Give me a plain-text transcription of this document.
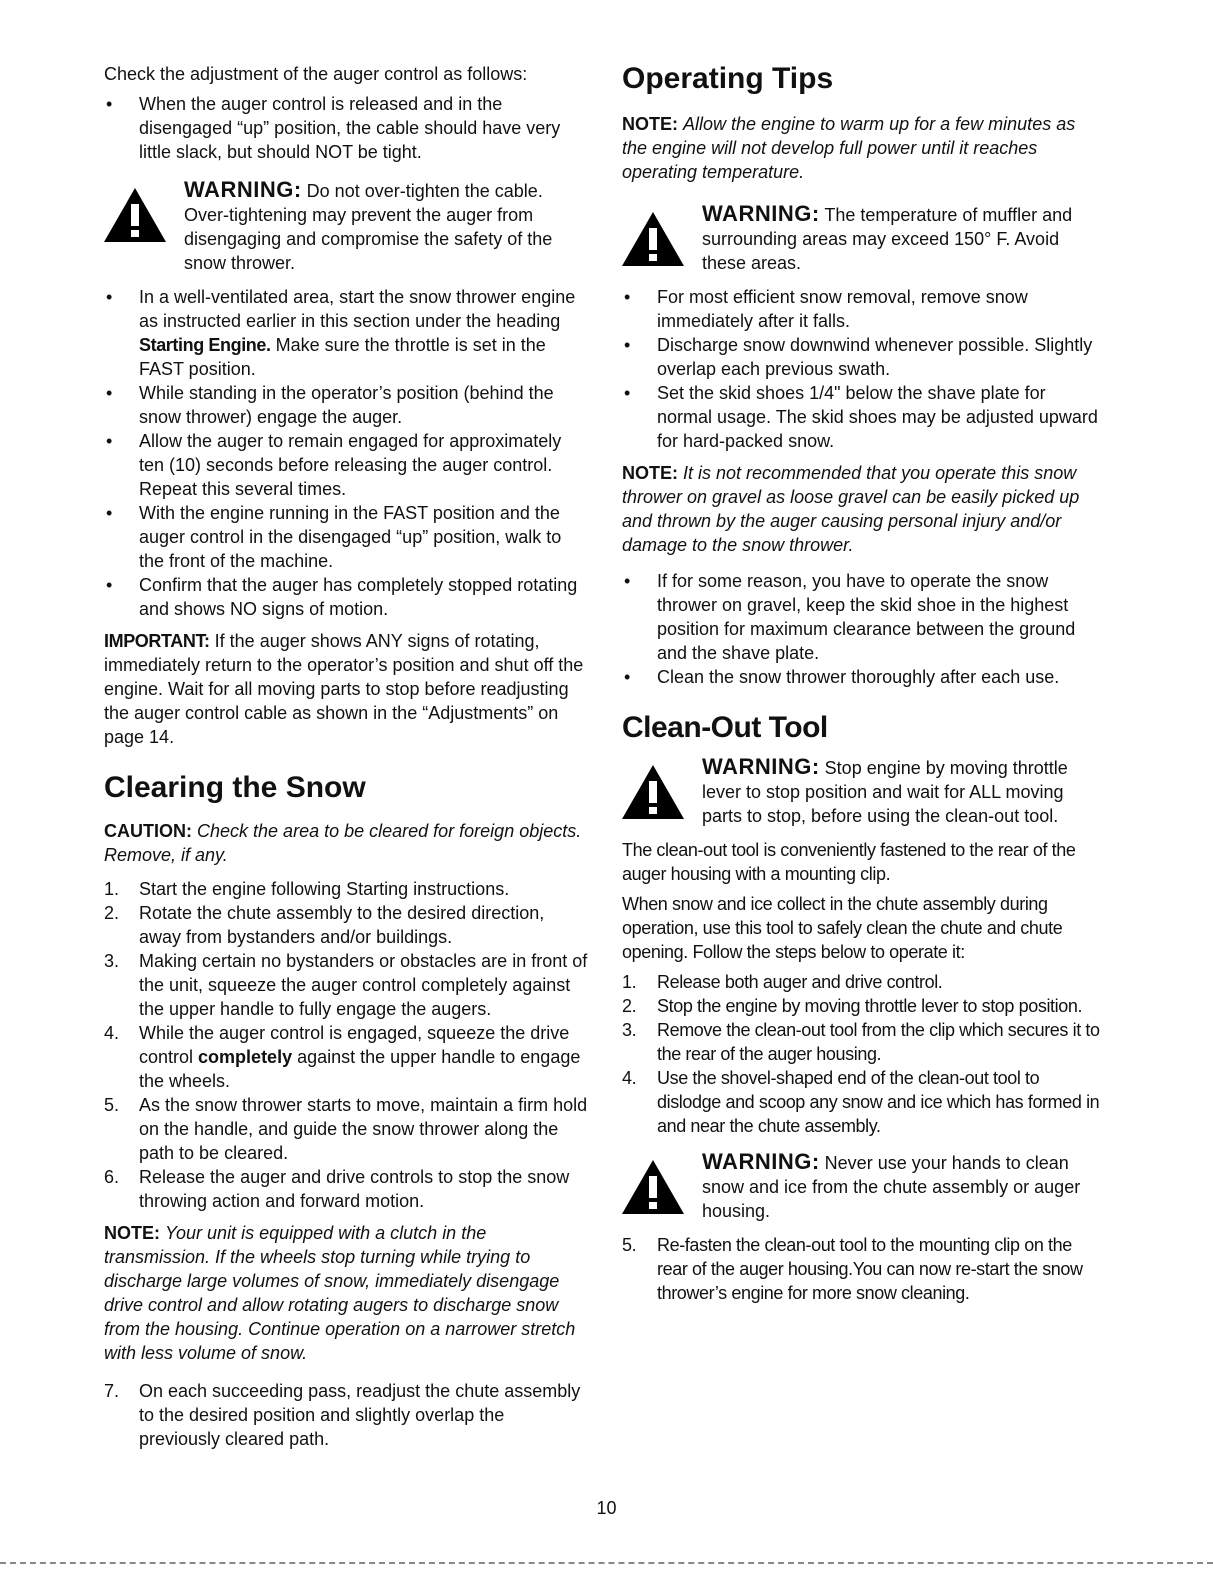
Check the adjustment of the auger control as follows:

• When the auger control is released and in the disengaged “up” position, the cable should have very little slack, but should NOT be tight.
WARNING: Do not over-tighten the cable. Over-tightening may prevent the auger from disengaging and compromise the safety of the snow thrower.
• In a well-ventilated area, start the snow thrower engine as instructed earlier in this section under the heading Starting Engine. Make sure the throttle is set in the FAST position.
• While standing in the operator’s position (behind the snow thrower) engage the auger.
• Allow the auger to remain engaged for approximately ten (10) seconds before releasing the auger control. Repeat this several times.
• With the engine running in the FAST position and the auger control in the disengaged “up” position, walk to the front of the machine.
• Confirm that the auger has completely stopped rotating and shows NO signs of motion.

IMPORTANT: If the auger shows ANY signs of rotating, immediately return to the operator’s position and shut off the engine. Wait for all moving parts to stop before readjusting the auger control cable as shown in the “Adjustments” on page 14.

Clearing the Snow

CAUTION: Check the area to be cleared for foreign objects. Remove, if any.

1. Start the engine following Starting instructions.
2. Rotate the chute assembly to the desired direction, away from bystanders and/or buildings.
3. Making certain no bystanders or obstacles are in front of the unit, squeeze the auger control completely against the upper handle to fully engage the augers.
4. While the auger control is engaged, squeeze the drive control completely against the upper handle to engage the wheels.
5. As the snow thrower starts to move, maintain a firm hold on the handle, and guide the snow thrower along the path to be cleared.
6. Release the auger and drive controls to stop the snow throwing action and forward motion.

NOTE: Your unit is equipped with a clutch in the transmission. If the wheels stop turning while trying to discharge large volumes of snow, immediately disengage drive control and allow rotating augers to discharge snow from the housing. Continue operation on a narrower stretch with less volume of snow.

7. On each succeeding pass, readjust the chute assembly to the desired position and slightly overlap the previously cleared path.
Operating Tips

NOTE: Allow the engine to warm up for a few minutes as the engine will not develop full power until it reaches operating temperature.

WARNING: The temperature of muffler and surrounding areas may exceed 150° F. Avoid these areas.
• For most efficient snow removal, remove snow immediately after it falls.
• Discharge snow downwind whenever possible. Slightly overlap each previous swath.
• Set the skid shoes 1/4" below the shave plate for normal usage. The skid shoes may be adjusted upward for hard-packed snow.

NOTE: It is not recommended that you operate this snow thrower on gravel as loose gravel can be easily picked up and thrown by the auger causing personal injury and/or damage to the snow thrower.

• If for some reason, you have to operate the snow thrower on gravel, keep the skid shoe in the highest position for maximum clearance between the ground and the shave plate.
• Clean the snow thrower thoroughly after each use.
Clean-Out Tool
WARNING: Stop engine by moving throttle lever to stop position and wait for ALL moving parts to stop, before using the clean-out tool.

The clean-out tool is conveniently fastened to the rear of the auger housing with a mounting clip.

When snow and ice collect in the chute assembly during operation, use this tool to safely clean the chute and chute opening. Follow the steps below to operate it:

1. Release both auger and drive control.
2. Stop the engine by moving throttle lever to stop position.
3. Remove the clean-out tool from the clip which secures it to the rear of the auger housing.
4. Use the shovel-shaped end of the clean-out tool to dislodge and scoop any snow and ice which has formed in and near the chute assembly.
WARNING: Never use your hands to clean snow and ice from the chute assembly or auger housing.
5. Re-fasten the clean-out tool to the mounting clip on the rear of the auger housing.You can now re-start the snow thrower’s engine for more snow cleaning.
10
